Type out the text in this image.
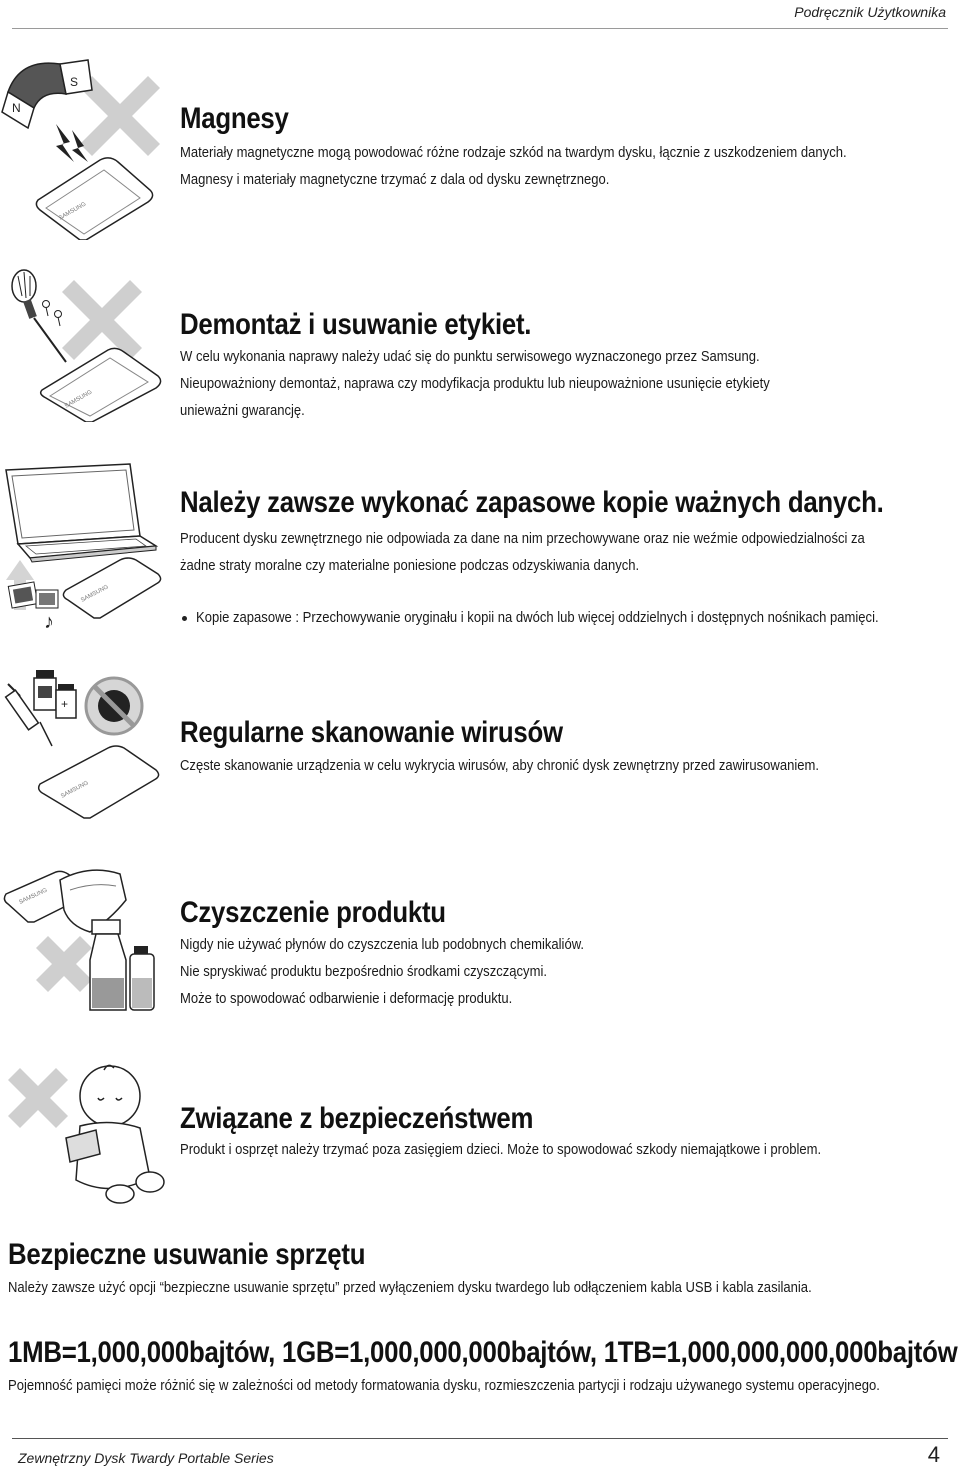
Podręcznik Użytkownika
N
S
SAMSUNG
Magnesy
Materiały magnetyczne mogą powodować różne rodzaje szkód na twardym dysku, łącznie z uszkodzeniem danych.
Magnesy i materiały magnetyczne trzymać z dala od dysku zewnętrznego.
SAMSUNG
Demontaż i usuwanie etykiet.
W celu wykonania naprawy należy udać się do punktu serwisowego wyznaczonego przez Samsung.
Nieupoważniony demontaż, naprawa czy modyfikacja produktu lub nieupoważnione usunięcie etykiety
unieważni gwarancję.
♪
SAMSUNG
Należy zawsze wykonać zapasowe kopie ważnych danych.
Producent dysku zewnętrznego nie odpowiada za dane na nim przechowywane oraz nie weźmie odpowiedzialności za
żadne straty moralne czy materialne poniesione podczas odzyskiwania danych.
Kopie zapasowe : Przechowywanie oryginału i kopii na dwóch lub więcej oddzielnych i dostępnych nośnikach pamięci.
+
SAMSUNG
Regularne skanowanie wirusów
Częste skanowanie urządzenia w celu wykrycia wirusów, aby chronić dysk zewnętrzny przed zawirusowaniem.
SAMSUNG	Czyszczenie produktu
Nigdy nie używać płynów do czyszczenia lub podobnych chemikaliów.
Nie spryskiwać produktu bezpośrednio środkami czyszczącymi.
Może to spowodować odbarwienie i deformację produktu.
Związane z bezpieczeństwem
Produkt i osprzęt należy trzymać poza zasięgiem dzieci. Może to spowodować szkody niemajątkowe i problem.
Bezpieczne usuwanie sprzętu
Należy zawsze użyć opcji “bezpieczne usuwanie sprzętu” przed wyłączeniem dysku twardego lub odłączeniem kabla USB i kabla zasilania.
1MB=1,000,000bajtów, 1GB=1,000,000,000bajtów, 1TB=1,000,000,000,000bajtów
Pojemność pamięci może różnić się w zależności od metody formatowania dysku, rozmieszczenia partycji i rodzaju używanego systemu operacyjnego.
Zewnętrzny Dysk Twardy Portable Series	4
